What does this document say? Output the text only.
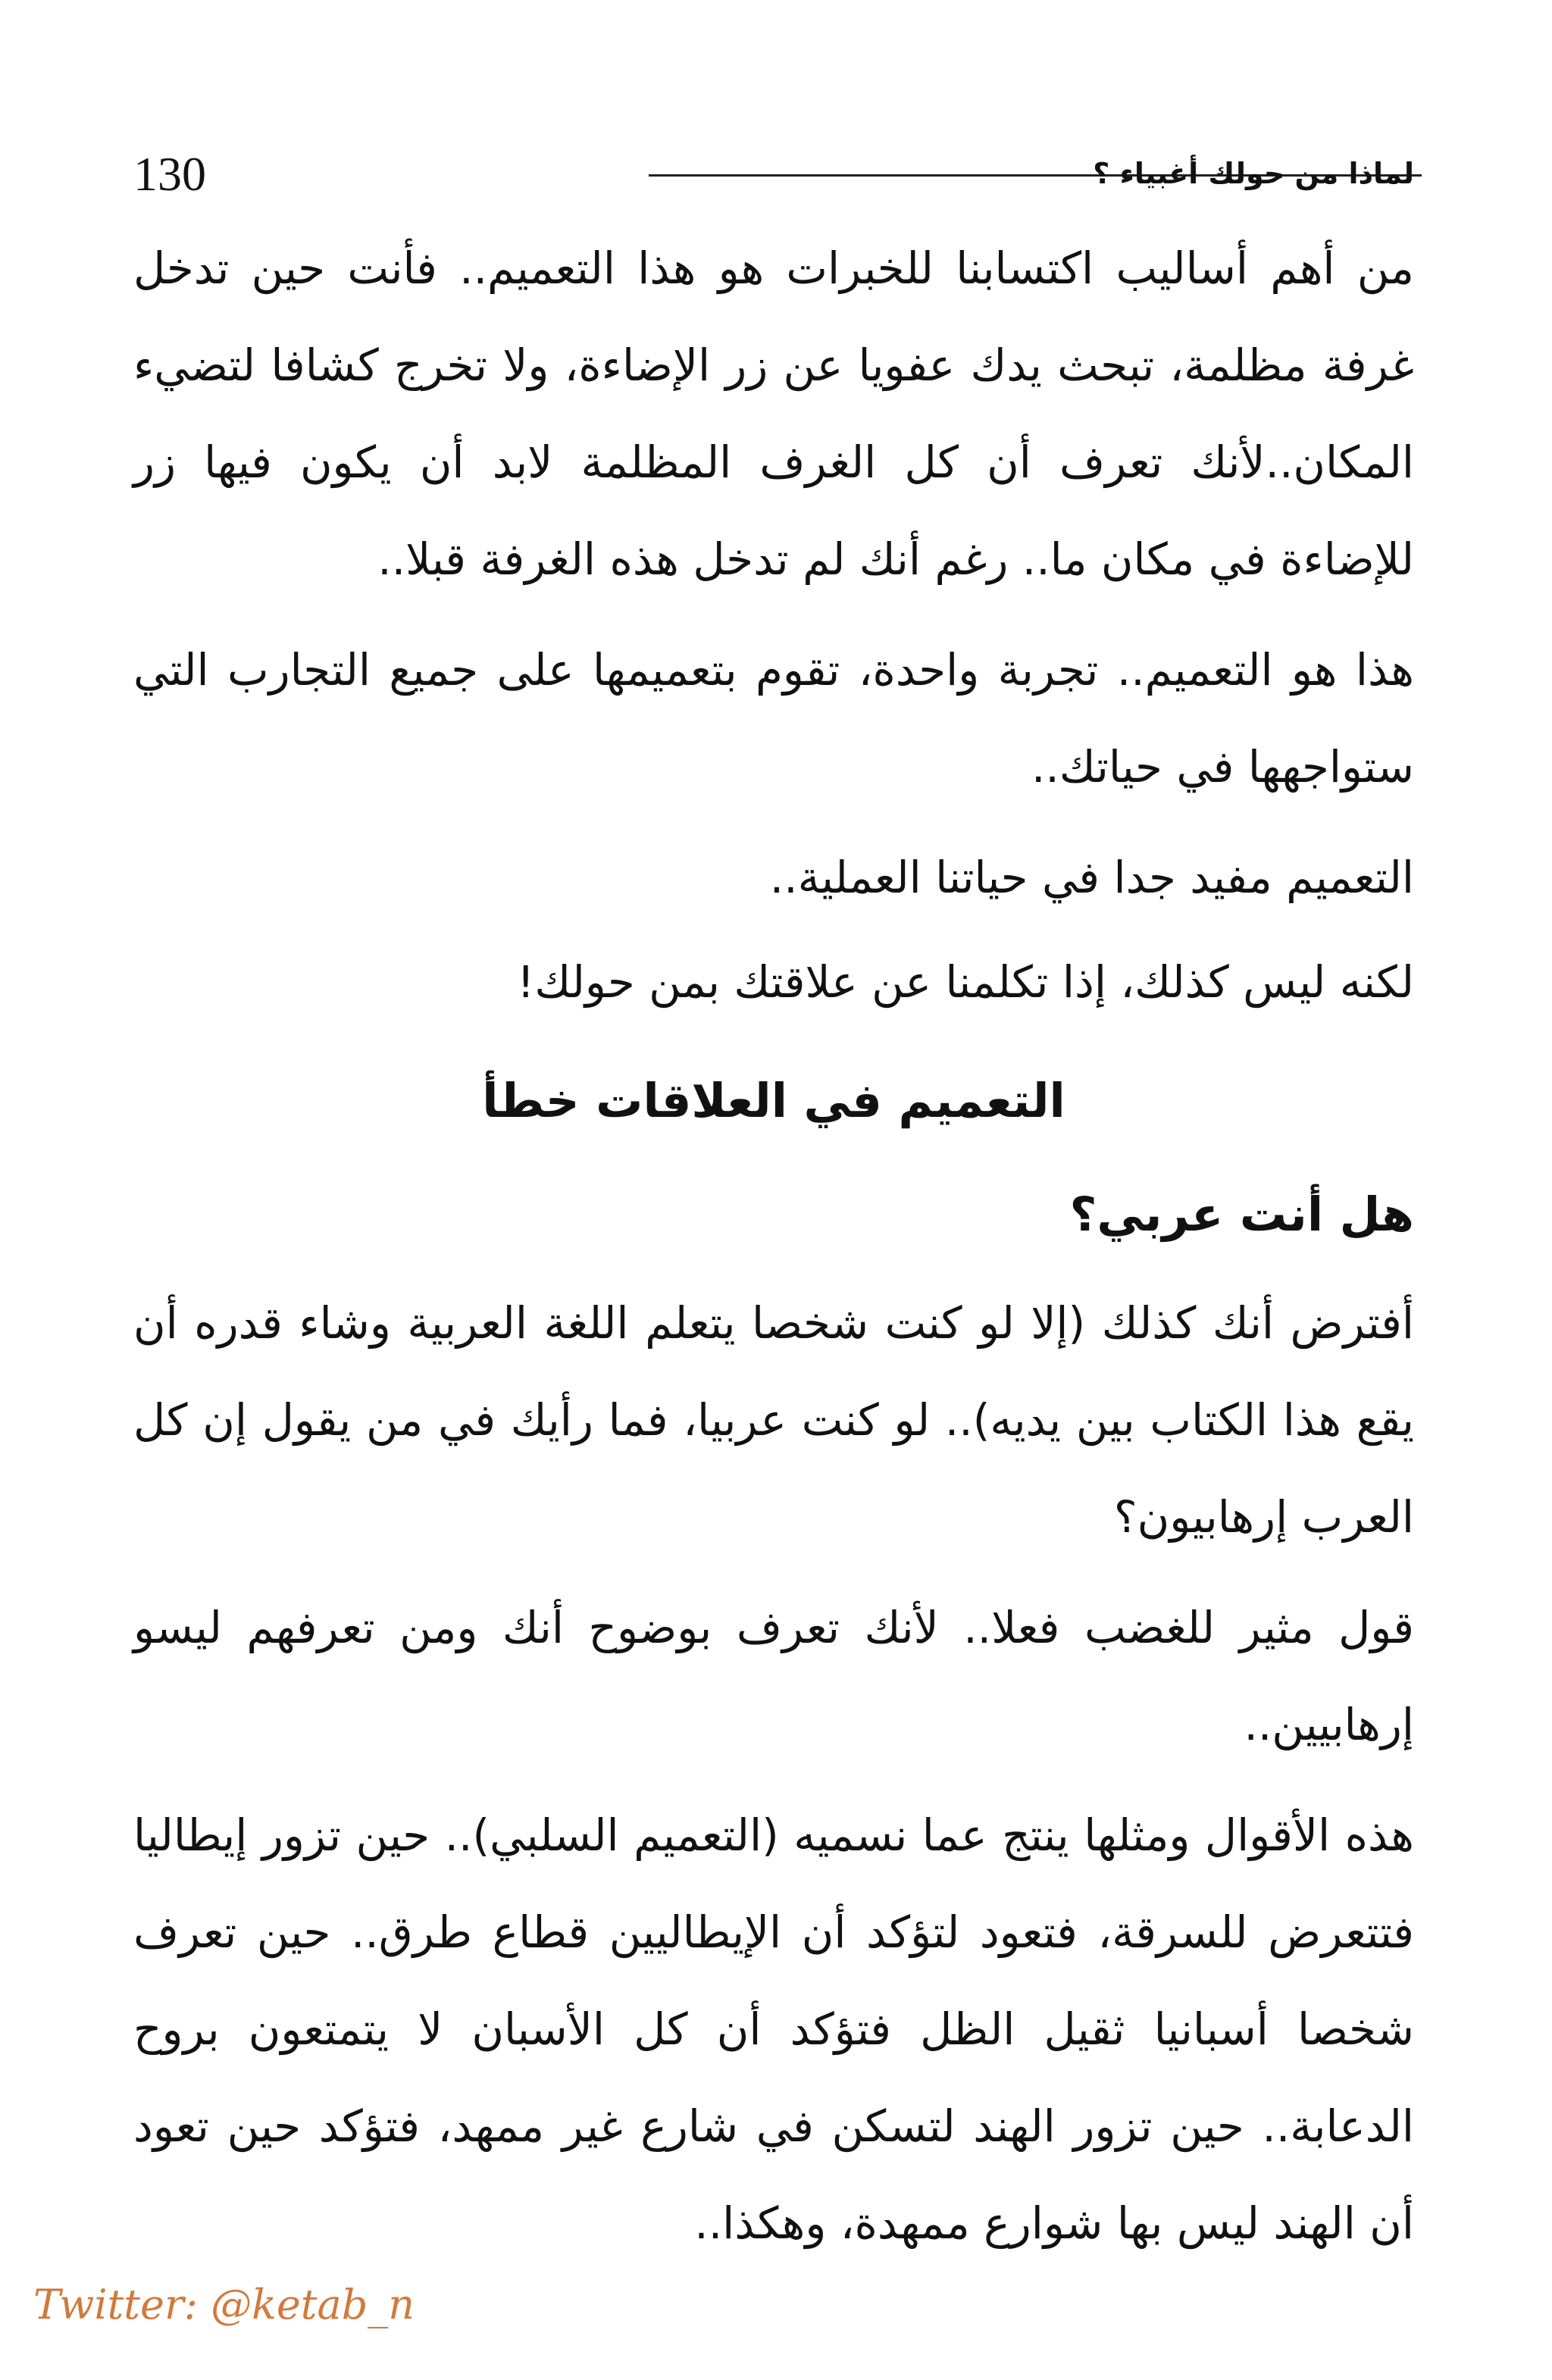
130	لماذا من حولك أغبياء ؟

من أهم أساليب اكتسابنا للخبرات هو هذا التعميم.. فأنت حين تدخل غرفة مظلمة، تبحث يدك عفويا عن زر الإضاءة، ولا تخرج كشافا لتضيء المكان..لأنك تعرف أن كل الغرف المظلمة لابد أن يكون فيها زر للإضاءة في مكان ما.. رغم أنك لم تدخل هذه الغرفة قبلا..

هذا هو التعميم.. تجربة واحدة، تقوم بتعميمها على جميع التجارب التي ستواجهها في حياتك..

التعميم مفيد جدا في حياتنا العملية..

لكنه ليس كذلك، إذا تكلمنا عن علاقتك بمن حولك!

التعميم في العلاقات خطأ
هل أنت عربي؟

أفترض أنك كذلك (إلا لو كنت شخصا يتعلم اللغة العربية وشاء قدره أن يقع هذا الكتاب بين يديه).. لو كنت عربيا، فما رأيك في من يقول إن كل العرب إرهابيون؟

قول مثير للغضب فعلا.. لأنك تعرف بوضوح أنك ومن تعرفهم ليسو إرهابيين..

هذه الأقوال ومثلها ينتج عما نسميه (التعميم السلبي).. حين تزور إيطاليا فتتعرض للسرقة، فتعود لتؤكد أن الإيطاليين قطاع طرق.. حين تعرف شخصا أسبانيا ثقيل الظل فتؤكد أن كل الأسبان لا يتمتعون بروح الدعابة.. حين تزور الهند لتسكن في شارع غير ممهد، فتؤكد حين تعود أن الهند ليس بها شوارع ممهدة، وهكذا..

Twitter: @ketab_n
